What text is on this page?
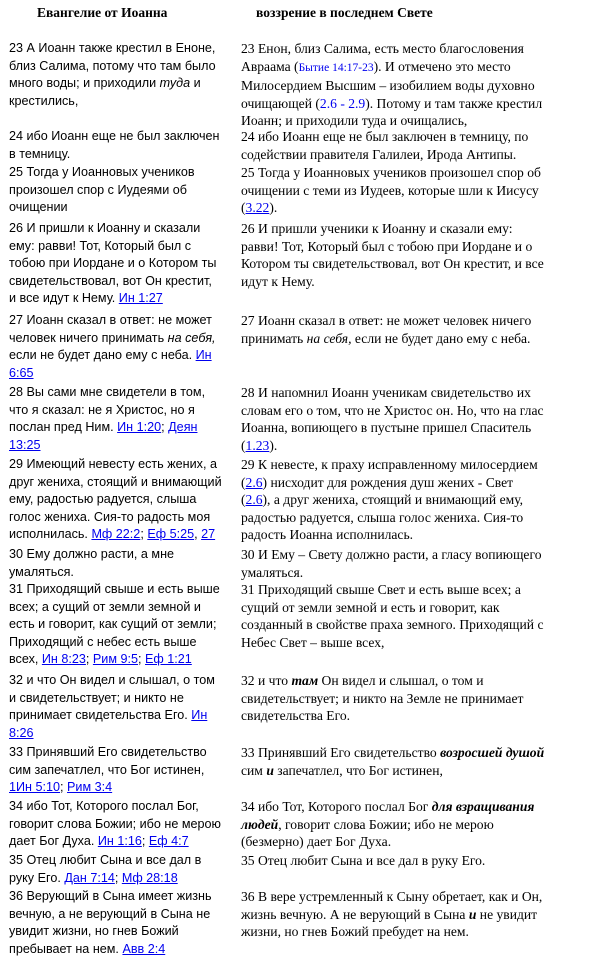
Евангелие от Иоанна	воззрение в последнем Свете
23 А Иоанн также крестил в Еноне,
близ Салима, потому что там было
много воды; и приходили туда и
крестились,
24 ибо Иоанн еще не был заключен
в темницу.
25 Тогда у Иоанновых учеников
произошел спор с Иудеями об
очищении
26 И пришли к Иоанну и сказали
ему: равви! Тот, Который был с
тобою при Иордане и о Котором ты
свидетельствовал, вот Он крестит,
и все идут к Нему. Ин 1:27
27 Иоанн сказал в ответ: не может
человек ничего принимать на себя,
если не будет дано ему с неба. Ин
6:65
28 Вы сами мне свидетели в том,
что я сказал: не я Христос, но я
послан пред Ним. Ин 1:20; Деян
13:25
29 Имеющий невесту есть жених, а
друг жениха, стоящий и внимающий
ему, радостью радуется, слыша
голос жениха. Сия-то радость моя
исполнилась. Мф 22:2; Еф 5:25, 27
30 Ему должно расти, а мне
умаляться.
31 Приходящий свыше и есть выше
всех; а сущий от земли земной и
есть и говорит, как сущий от земли;
Приходящий с небес есть выше
всех, Ин 8:23; Рим 9:5; Еф 1:21
32 и что Он видел и слышал, о том
и свидетельствует; и никто не
принимает свидетельства Его. Ин
8:26
33 Принявший Его свидетельство
сим запечатлел, что Бог истинен,
1Ин 5:10; Рим 3:4
34 ибо Тот, Которого послал Бог,
говорит слова Божии; ибо не мерою
дает Бог Духа. Ин 1:16; Еф 4:7
35 Отец любит Сына и все дал в
руку Его. Дан 7:14; Мф 28:18
36 Верующий в Сына имеет жизнь
вечную, а не верующий в Сына не
увидит жизни, но гнев Божий
пребывает на нем. Авв 2:4
23 Енон, близ Салима, есть место благословения
Авраама (Бытие 14:17-23). И отмечено это место
Милосердием Высшим – изобилием воды духовно
очищающей (2.6 - 2.9). Потому и там также крестил
Иоанн; и приходили туда и очищались,
24 ибо Иоанн еще не был заключен в темницу, по
содействии правителя Галилеи, Ирода Антипы.
25 Тогда у Иоанновых учеников произошел спор об
очищении с теми из Иудеев, которые шли к Иисусу
(3.22).
26 И пришли ученики к Иоанну и сказали ему:
равви! Тот, Который был с тобою при Иордане и о
Котором ты свидетельствовал, вот Он крестит, и все
идут к Нему.
27 Иоанн сказал в ответ: не может человек ничего
принимать на себя, если не будет дано ему с неба.
28 И напомнил Иоанн ученикам свидетельство их
словам его о том, что не Христос он. Но, что на глас
Иоанна, вопиющего в пустыне пришел Спаситель
(1.23).
29 К невесте, к праху исправленному милосердием
(2.6) нисходит для рождения душ жених - Свет
(2.6), а друг жениха, стоящий и внимающий ему,
радостью радуется, слыша голос жениха. Сия-то
радость Иоанна исполнилась.
30 И Ему – Свету должно расти, а гласу вопиющего
умаляться.
31 Приходящий свыше Свет и есть выше всех; а
сущий от земли земной и есть и говорит, как
созданный в свойстве праха земного. Приходящий с
Небес Свет – выше всех,
32 и что там Он видел и слышал, о том и
свидетельствует; и никто на Земле не принимает
свидетельства Его.
33 Принявший Его свидетельство возросшей душой
сим и запечатлел, что Бог истинен,
34 ибо Тот, Которого послал Бог для взращивания
людей, говорит слова Божии; ибо не мерою
(безмерно) дает Бог Духа.
35 Отец любит Сына и все дал в руку Его.
36 В вере устремленный к Сыну обретает, как и Он,
жизнь вечную. А не верующий в Сына и не увидит
жизни, но гнев Божий пребудет на нем.
